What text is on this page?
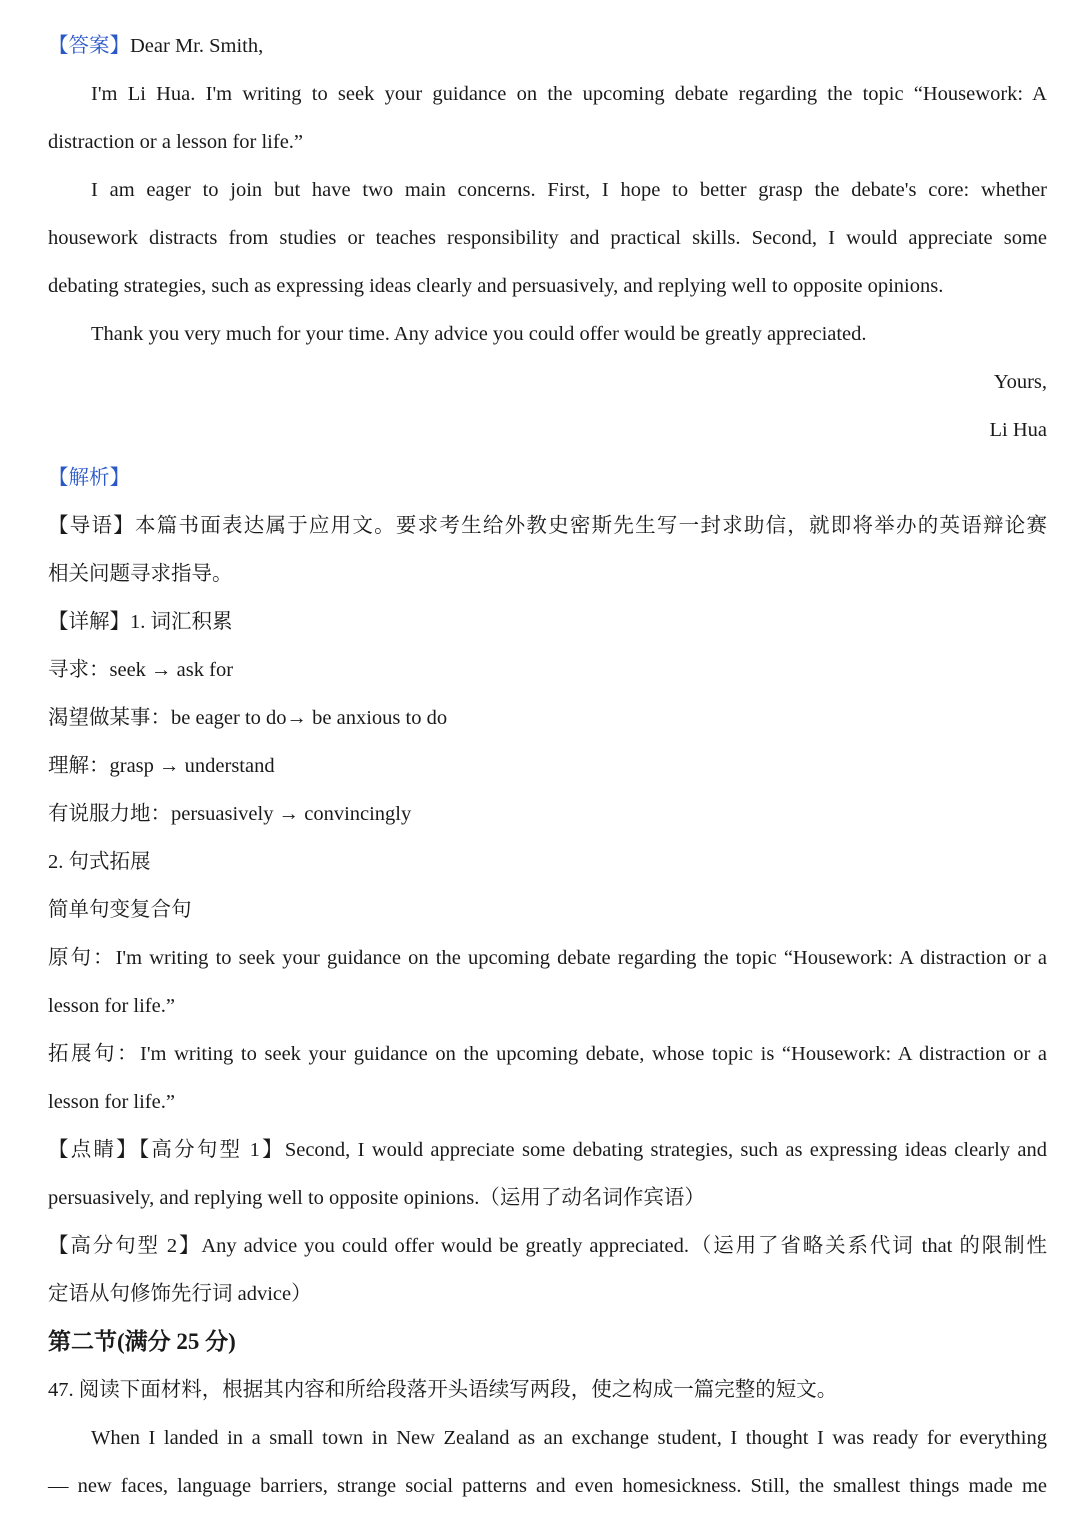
【答案】Dear Mr. Smith,
I'm Li Hua. I'm writing to seek your guidance on the upcoming debate regarding the topic “Housework: A
distraction or a lesson for life.”
I am eager to join but have two main concerns. First, I hope to better grasp the debate's core: whether
housework distracts from studies or teaches responsibility and practical skills. Second, I would appreciate some
debating strategies, such as expressing ideas clearly and persuasively, and replying well to opposite opinions.
Thank you very much for your time. Any advice you could offer would be greatly appreciated.
Yours,
Li Hua
【解析】
【导语】本篇书面表达属于应用文。要求考生给外教史密斯先生写一封求助信，就即将举办的英语辩论赛
相关问题寻求指导。
【详解】1. 词汇积累
寻求：seek → ask for
渴望做某事：be eager to do→ be anxious to do
理解：grasp → understand
有说服力地：persuasively → convincingly
2. 句式拓展
简单句变复合句
原句：I'm writing to seek your guidance on the upcoming debate regarding the topic “Housework: A distraction or a
lesson for life.”
拓展句：I'm writing to seek your guidance on the upcoming debate, whose topic is “Housework: A distraction or a
lesson for life.”
【点睛】【高分句型 1】Second, I would appreciate some debating strategies, such as expressing ideas clearly and
persuasively, and replying well to opposite opinions.（运用了动名词作宾语）
【高分句型 2】Any advice you could offer would be greatly appreciated.（运用了省略关系代词 that 的限制性
定语从句修饰先行词 advice）
第二节(满分 25 分)
47. 阅读下面材料，根据其内容和所给段落开头语续写两段，使之构成一篇完整的短文。
When I landed in a small town in New Zealand as an exchange student, I thought I was ready for everything
— new faces, language barriers, strange social patterns and even homesickness. Still, the smallest things made me
